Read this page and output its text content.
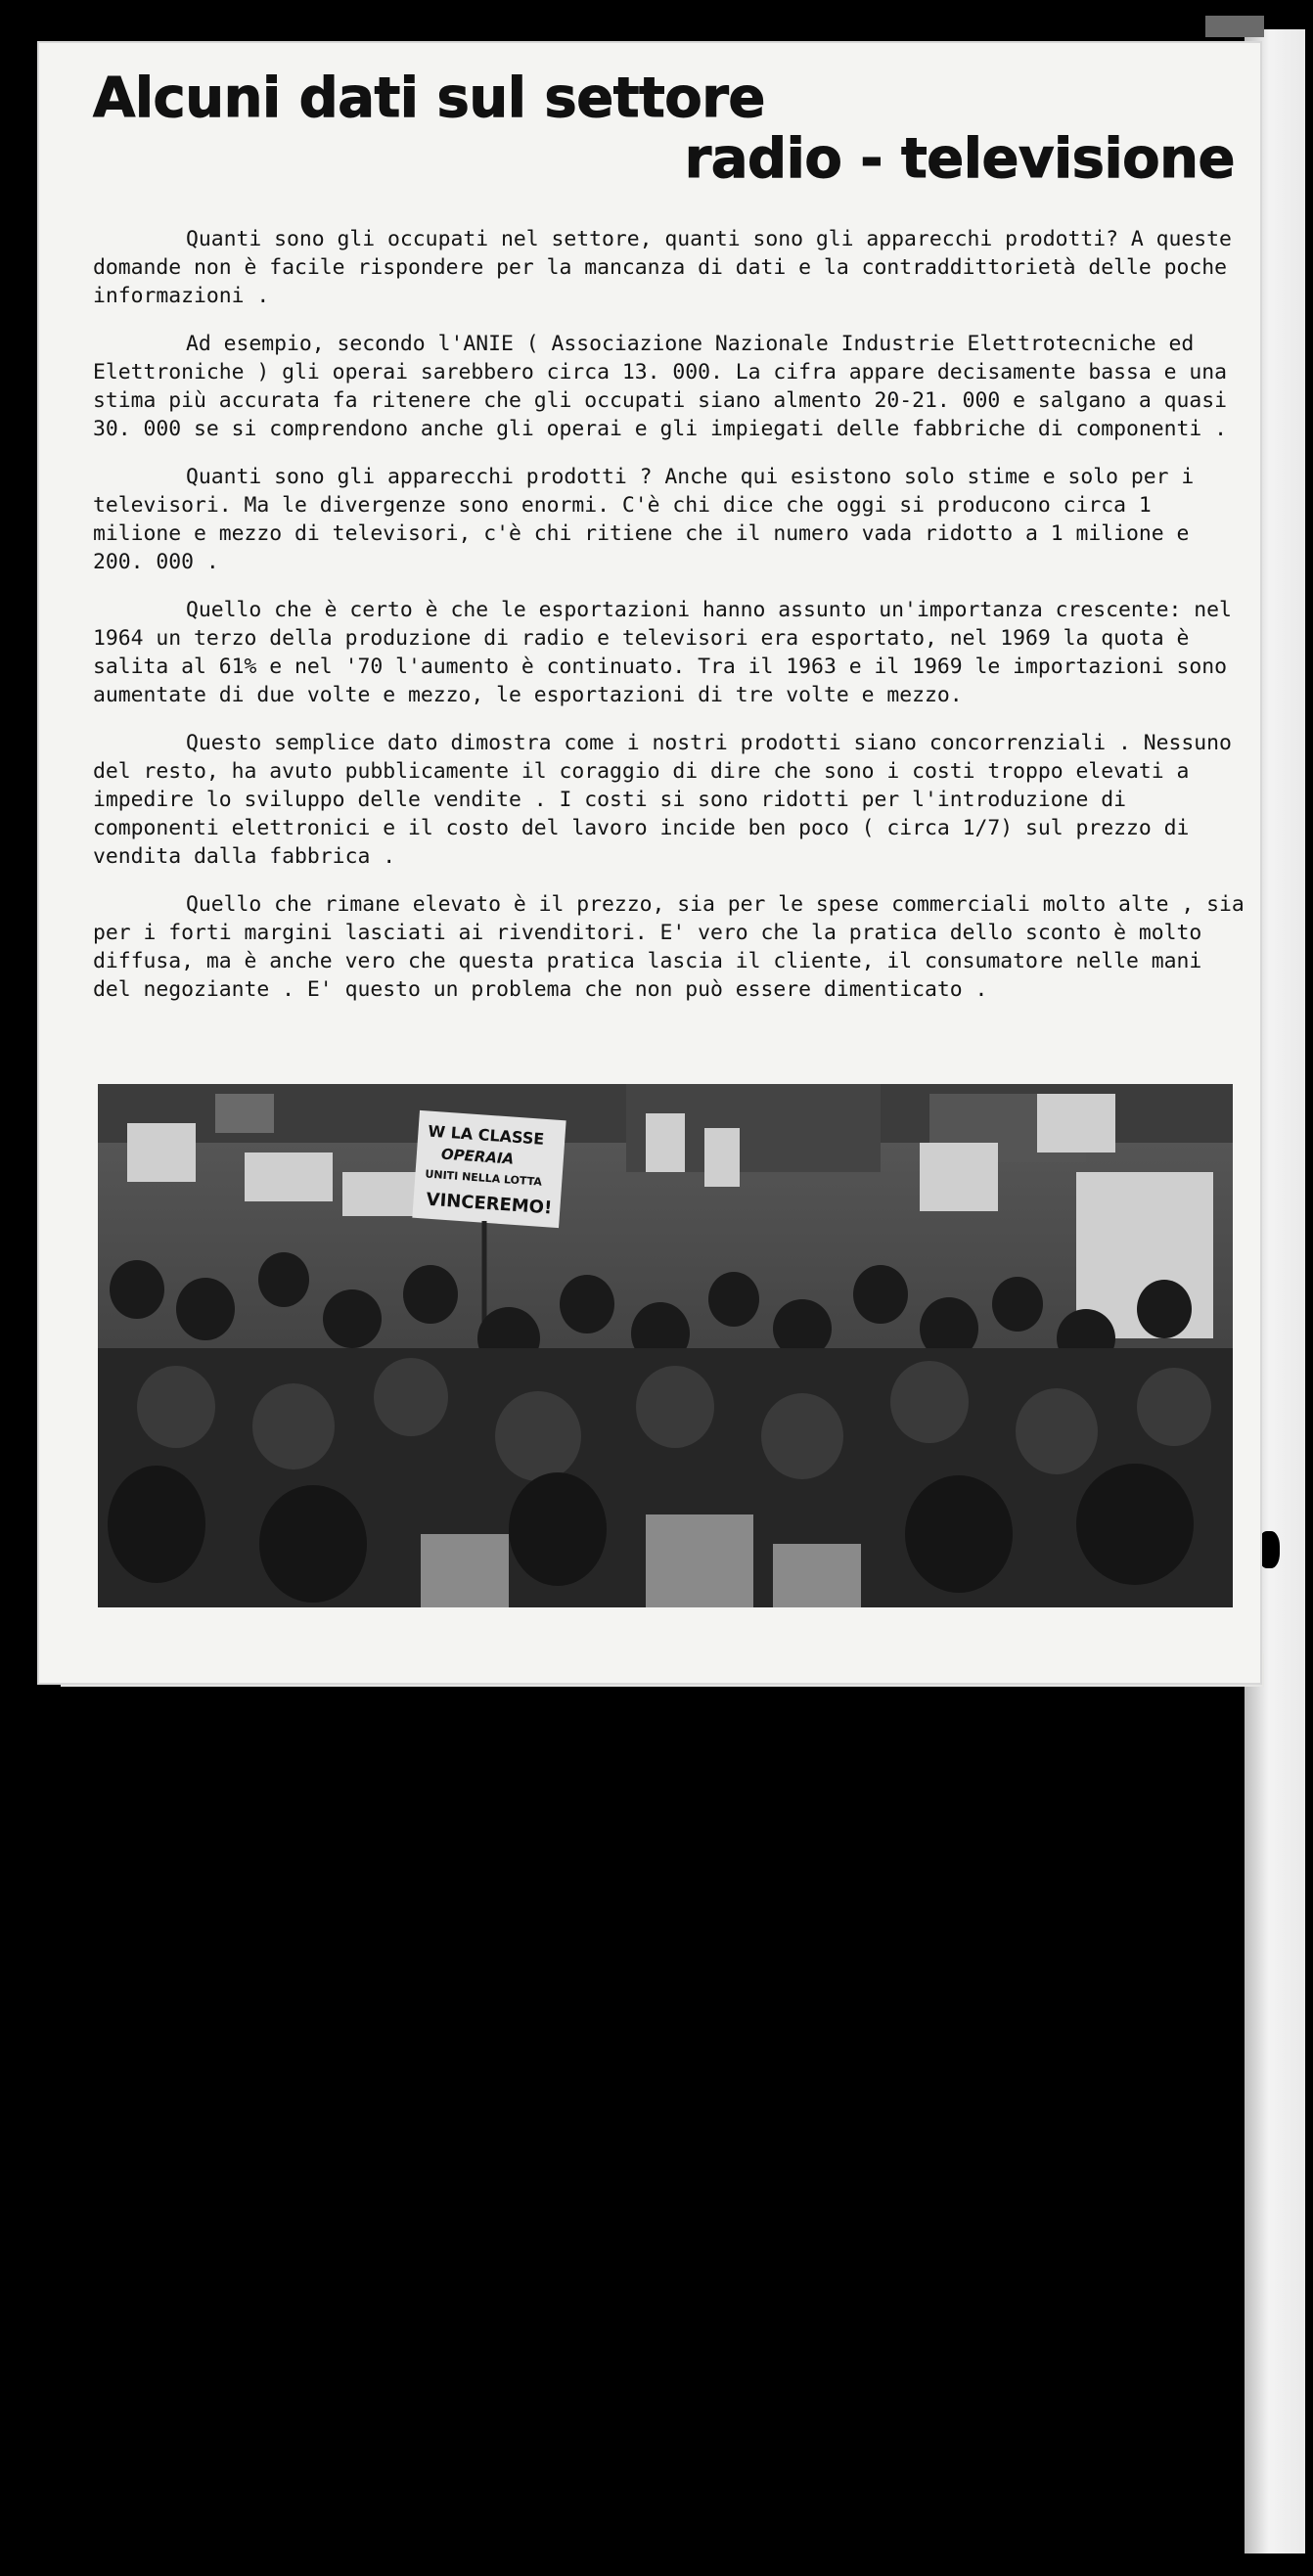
Alcuni dati sul settore
radio - televisione

Quanti sono gli occupati nel settore, quanti sono gli apparecchi prodotti? A queste domande non è facile rispondere per la mancanza di dati e la contraddittorietà delle poche informazioni .

Ad esempio, secondo l'ANIE ( Associazione Nazionale Industrie Elettrotecniche ed Elettroniche ) gli operai sarebbero circa 13. 000. La cifra appare decisamente bassa e una stima più accurata fa ritenere che gli occupati siano almento 20-21. 000 e salgano a quasi 30. 000 se si comprendono anche gli operai e gli impiegati delle fabbriche di componenti .

Quanti sono gli apparecchi prodotti ? Anche qui esistono solo stime e solo per i televisori. Ma le divergenze sono enormi. C'è chi dice che oggi si producono circa 1 milione e mezzo di televisori, c'è chi ritiene che il numero vada ridotto a 1 milione e 200. 000 .

Quello che è certo è che le esportazioni hanno assunto un'importanza crescente: nel 1964 un terzo della produzione di radio e televisori era esportato, nel 1969 la quota è salita al 61% e nel '70 l'aumento è continuato. Tra il 1963 e il 1969 le importazioni sono aumentate di due volte e mezzo, le esportazioni di tre volte e mezzo.

Questo semplice dato dimostra come i nostri prodotti siano concorrenziali . Nessuno del resto, ha avuto pubblicamente il coraggio di dire che sono i costi troppo elevati a impedire lo sviluppo delle vendite . I costi si sono ridotti per l'introduzione di componenti elettronici e il costo del lavoro incide ben poco ( circa 1/7) sul prezzo di vendita dalla fabbrica .

Quello che rimane elevato è il prezzo, sia per le spese commerciali molto alte , sia per i forti margini lasciati ai rivenditori. E' vero che la pratica dello sconto è molto diffusa, ma è anche vero che questa pratica lascia il cliente, il consumatore nelle mani del negoziante . E' questo un problema che non può essere dimenticato .

W LA CLASSE
OPERAIA
UNITI NELLA LOTTA
VINCEREMO!
